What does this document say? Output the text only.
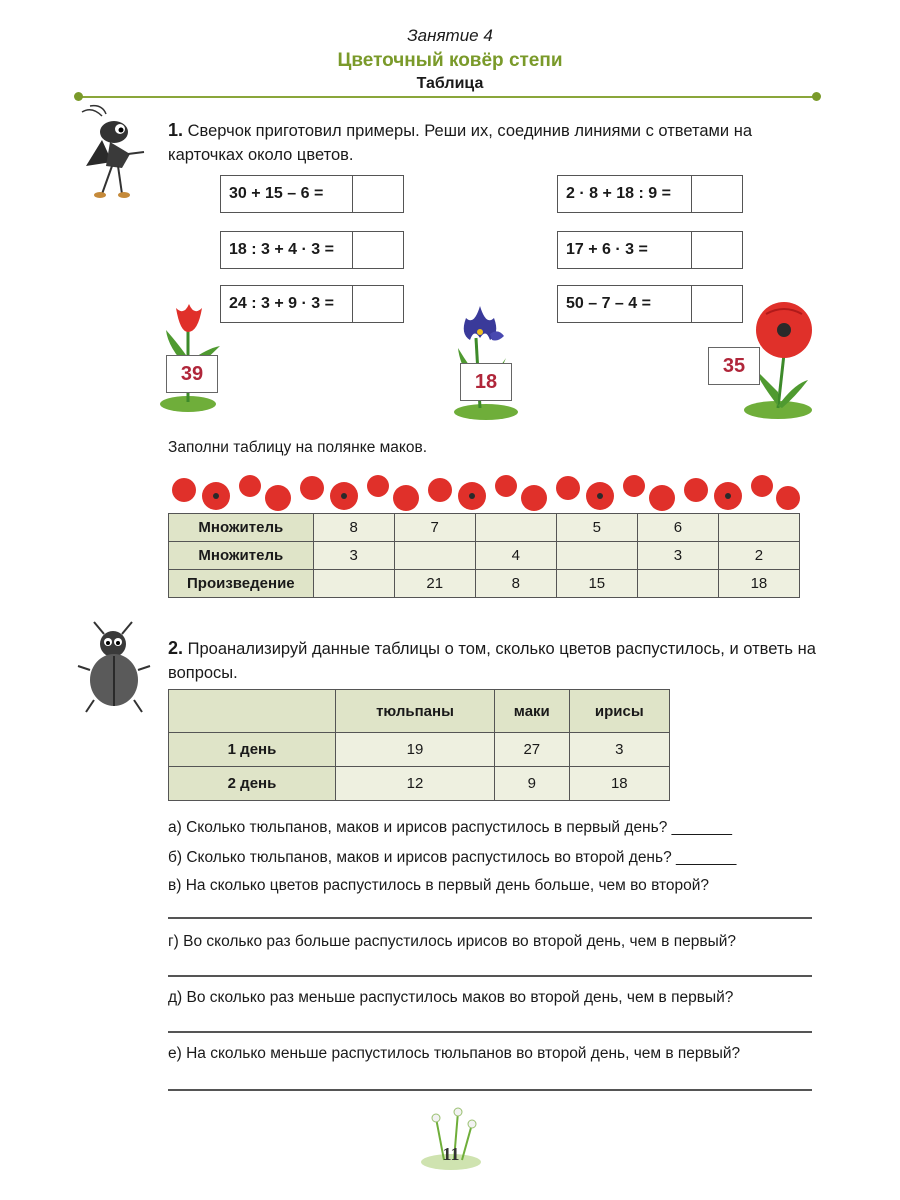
Занятие 4
Цветочный ковёр степи
Таблица
1. Сверчок приготовил примеры. Реши их, соединив линиями с ответами на карточках около цветов.
30 + 15 – 6 =
18 : 3 + 4 · 3 =
24 : 3 + 9 · 3 =
2 · 8 + 18 : 9 =
17 + 6 · 3 =
50 – 7 – 4 =
39	18
35
Заполни таблицу на полянке маков.
Множитель	8	7		5	6	
Множитель	3		4		3	2
Произведение		21	8	15		18
2. Проанализируй данные таблицы о том, сколько цветов распустилось, и ответь на вопросы.
	тюльпаны	маки	ирисы
1 день	19	27	3
2 день	12	9	18
а) Сколько тюльпанов, маков и ирисов распустилось в первый день? _______
б) Сколько тюльпанов, маков и ирисов распустилось во второй день? _______
в) На сколько цветов распустилось в первый день больше, чем во второй?
г) Во сколько раз больше распустилось ирисов во второй день, чем в первый?
д) Во сколько раз меньше распустилось маков во второй день, чем в первый?
е) На сколько меньше распустилось тюльпанов во второй день, чем в первый?
11
